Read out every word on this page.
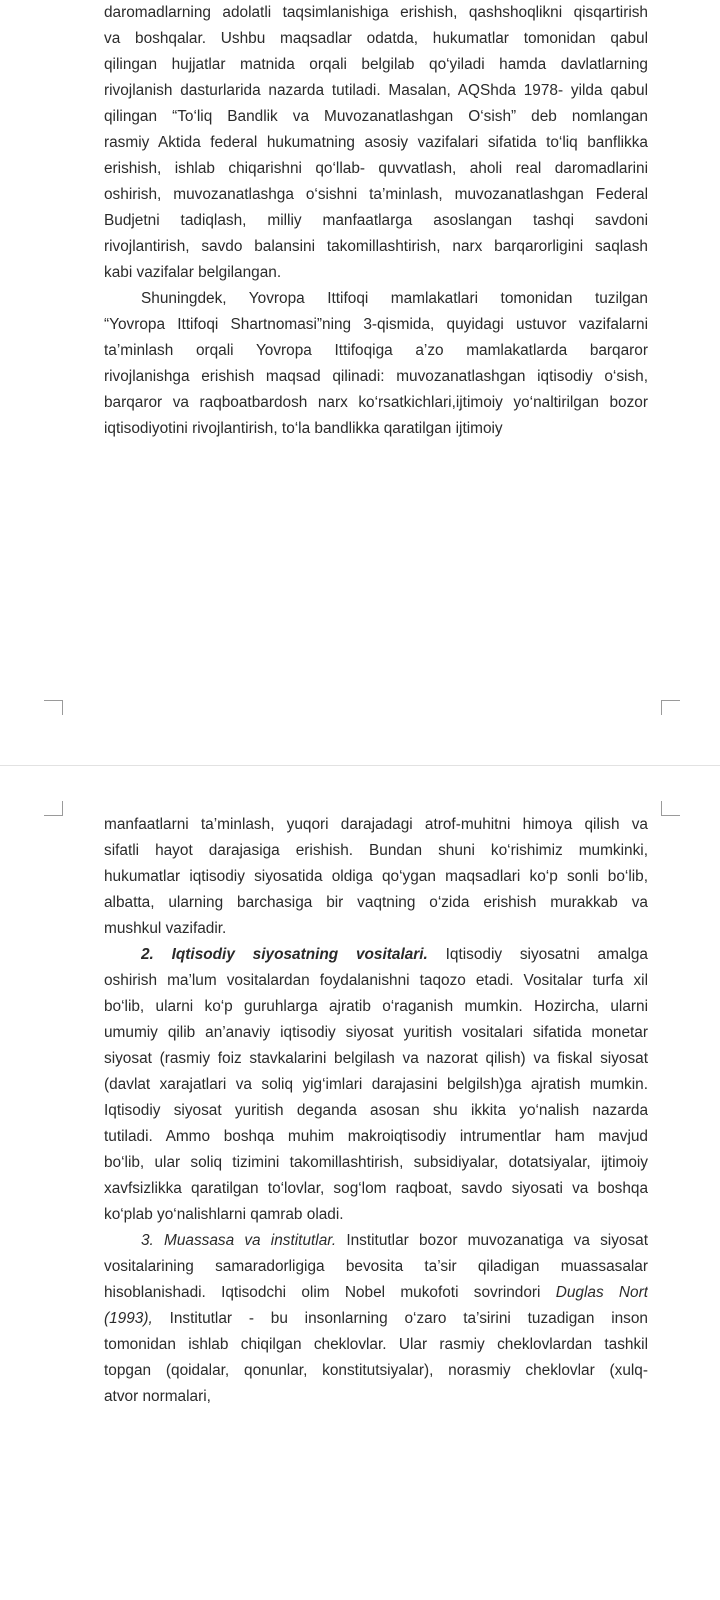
daromadlarning adolatli taqsimlanishiga erishish, qashshoqlikni qisqartirish
va boshqalar. Ushbu maqsadlar odatda, hukumatlar tomonidan qabul
qilingan hujjatlar matnida orqali belgilab qo‘yiladi hamda davlatlarning
rivojlanish dasturlarida nazarda tutiladi. Masalan, AQShda 1978- yilda qabul
qilingan “To‘liq Bandlik va Muvozanatlashgan O‘sish” deb nomlangan
rasmiy Aktida federal hukumatning asosiy vazifalari sifatida to‘liq banflikka
erishish, ishlab chiqarishni qo‘llab- quvvatlash, aholi real daromadlarini
oshirish, muvozanatlashga o‘sishni ta’minlash, muvozanatlashgan Federal
Budjetni tadiqlash, milliy manfaatlarga asoslangan tashqi savdoni
rivojlantirish, savdo balansini takomillashtirish, narx barqarorligini saqlash
kabi vazifalar belgilangan.
Shuningdek, Yovropa Ittifoqi mamlakatlari tomonidan tuzilgan
“Yovropa Ittifoqi Shartnomasi”ning 3-qismida, quyidagi ustuvor vazifalarni
ta’minlash orqali Yovropa Ittifoqiga a’zo mamlakatlarda barqaror
rivojlanishga erishish maqsad qilinadi: muvozanatlashgan iqtisodiy o‘sish,
barqaror va raqboatbardosh narx ko‘rsatkichlari,ijtimoiy yo‘naltirilgan bozor
iqtisodiyotini rivojlantirish, to‘la bandlikka qaratilgan ijtimoiy
manfaatlarni ta’minlash, yuqori darajadagi atrof-muhitni himoya qilish va
sifatli hayot darajasiga erishish. Bundan shuni ko‘rishimiz mumkinki,
hukumatlar iqtisodiy siyosatida oldiga qo‘ygan maqsadlari ko‘p sonli bo‘lib,
albatta, ularning barchasiga bir vaqtning o‘zida erishish murakkab va
mushkul vazifadir.
2. Iqtisodiy siyosatning vositalari. Iqtisodiy siyosatni amalga
oshirish ma’lum vositalardan foydalanishni taqozo etadi. Vositalar turfa xil
bo‘lib, ularni ko‘p guruhlarga ajratib o‘raganish mumkin. Hozircha, ularni
umumiy qilib an’anaviy iqtisodiy siyosat yuritish vositalari sifatida monetar
siyosat (rasmiy foiz stavkalarini belgilash va nazorat qilish) va fiskal siyosat
(davlat xarajatlari va soliq yig‘imlari darajasini belgilsh)ga ajratish mumkin.
Iqtisodiy siyosat yuritish deganda asosan shu ikkita yo‘nalish nazarda
tutiladi. Ammo boshqa muhim makroiqtisodiy intrumentlar ham mavjud
bo‘lib, ular soliq tizimini takomillashtirish, subsidiyalar, dotatsiyalar, ijtimoiy
xavfsizlikka qaratilgan to‘lovlar, sog‘lom raqboat, savdo siyosati va boshqa
ko‘plab yo‘nalishlarni qamrab oladi.
3. Muassasa va institutlar. Institutlar bozor muvozanatiga va siyosat
vositalarining samaradorligiga bevosita ta’sir qiladigan muassasalar
hisoblanishadi. Iqtisodchi olim Nobel mukofoti sovrindori Duglas Nort
(1993), Institutlar - bu insonlarning o‘zaro ta’sirini tuzadigan inson
tomonidan ishlab chiqilgan cheklovlar. Ular rasmiy cheklovlardan tashkil
topgan (qoidalar, qonunlar, konstitutsiyalar), norasmiy cheklovlar (xulq-
atvor normalari,
